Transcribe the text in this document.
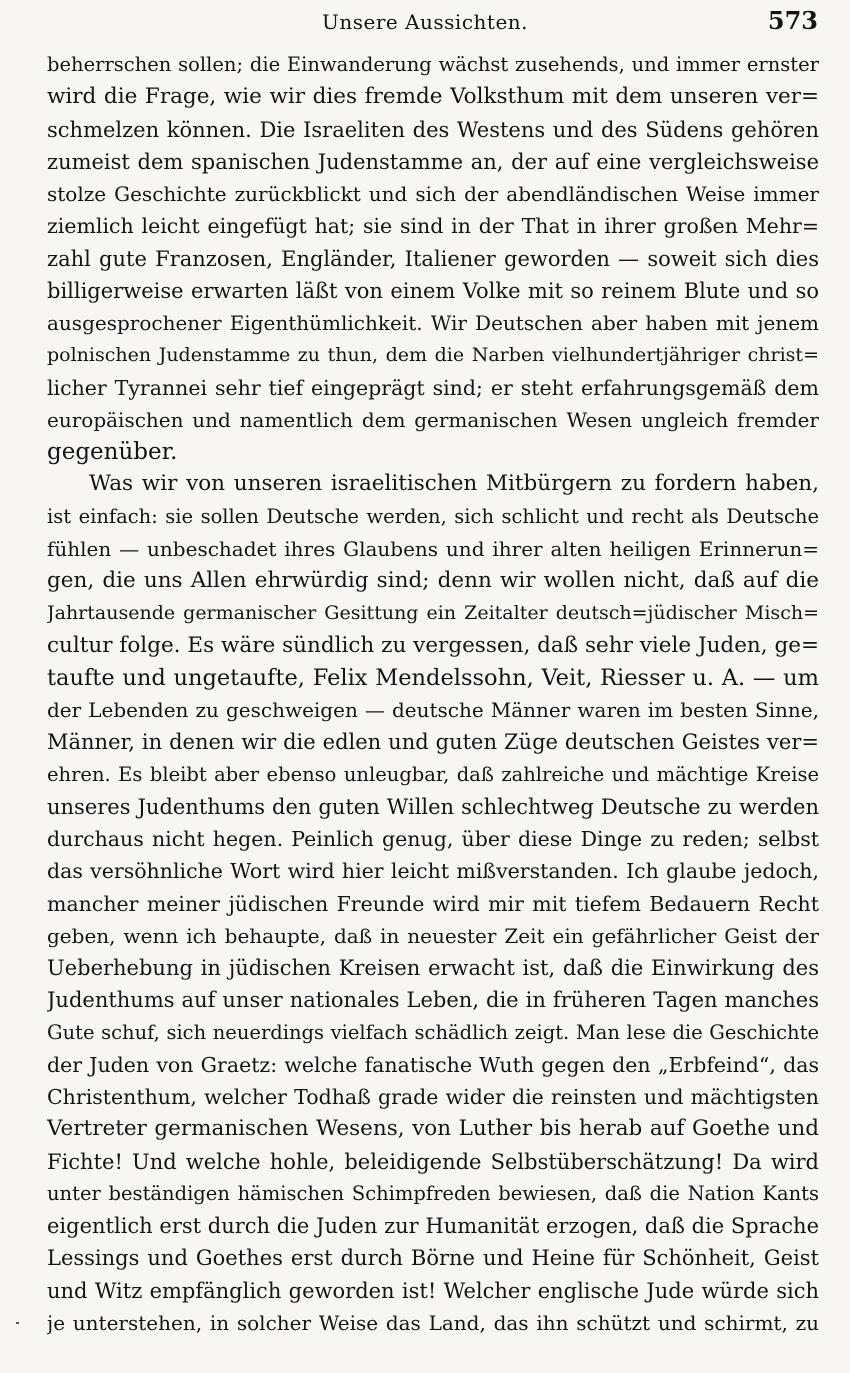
Unsere Aussichten.	573
beherrschen sollen; die Einwanderung wächst zusehends, und immer ernster
wird die Frage, wie wir dies fremde Volksthum mit dem unseren ver=
schmelzen können. Die Israeliten des Westens und des Südens gehören
zumeist dem spanischen Judenstamme an, der auf eine vergleichsweise
stolze Geschichte zurückblickt und sich der abendländischen Weise immer
ziemlich leicht eingefügt hat; sie sind in der That in ihrer großen Mehr=
zahl gute Franzosen, Engländer, Italiener geworden — soweit sich dies
billigerweise erwarten läßt von einem Volke mit so reinem Blute und so
ausgesprochener Eigenthümlichkeit. Wir Deutschen aber haben mit jenem
polnischen Judenstamme zu thun, dem die Narben vielhundertjähriger christ=
licher Tyrannei sehr tief eingeprägt sind; er steht erfahrungsgemäß dem
europäischen und namentlich dem germanischen Wesen ungleich fremder
gegenüber.
Was wir von unseren israelitischen Mitbürgern zu fordern haben,
ist einfach: sie sollen Deutsche werden, sich schlicht und recht als Deutsche
fühlen — unbeschadet ihres Glaubens und ihrer alten heiligen Erinnerun=
gen, die uns Allen ehrwürdig sind; denn wir wollen nicht, daß auf die
Jahrtausende germanischer Gesittung ein Zeitalter deutsch=jüdischer Misch=
cultur folge. Es wäre sündlich zu vergessen, daß sehr viele Juden, ge=
taufte und ungetaufte, Felix Mendelssohn, Veit, Riesser u. A. — um
der Lebenden zu geschweigen — deutsche Männer waren im besten Sinne,
Männer, in denen wir die edlen und guten Züge deutschen Geistes ver=
ehren. Es bleibt aber ebenso unleugbar, daß zahlreiche und mächtige Kreise
unseres Judenthums den guten Willen schlechtweg Deutsche zu werden
durchaus nicht hegen. Peinlich genug, über diese Dinge zu reden; selbst
das versöhnliche Wort wird hier leicht mißverstanden. Ich glaube jedoch,
mancher meiner jüdischen Freunde wird mir mit tiefem Bedauern Recht
geben, wenn ich behaupte, daß in neuester Zeit ein gefährlicher Geist der
Ueberhebung in jüdischen Kreisen erwacht ist, daß die Einwirkung des
Judenthums auf unser nationales Leben, die in früheren Tagen manches
Gute schuf, sich neuerdings vielfach schädlich zeigt. Man lese die Geschichte
der Juden von Graetz: welche fanatische Wuth gegen den „Erbfeind“, das
Christenthum, welcher Todhaß grade wider die reinsten und mächtigsten
Vertreter germanischen Wesens, von Luther bis herab auf Goethe und
Fichte! Und welche hohle, beleidigende Selbstüberschätzung! Da wird
unter beständigen hämischen Schimpfreden bewiesen, daß die Nation Kants
eigentlich erst durch die Juden zur Humanität erzogen, daß die Sprache
Lessings und Goethes erst durch Börne und Heine für Schönheit, Geist
und Witz empfänglich geworden ist! Welcher englische Jude würde sich
je unterstehen, in solcher Weise das Land, das ihn schützt und schirmt, zu
